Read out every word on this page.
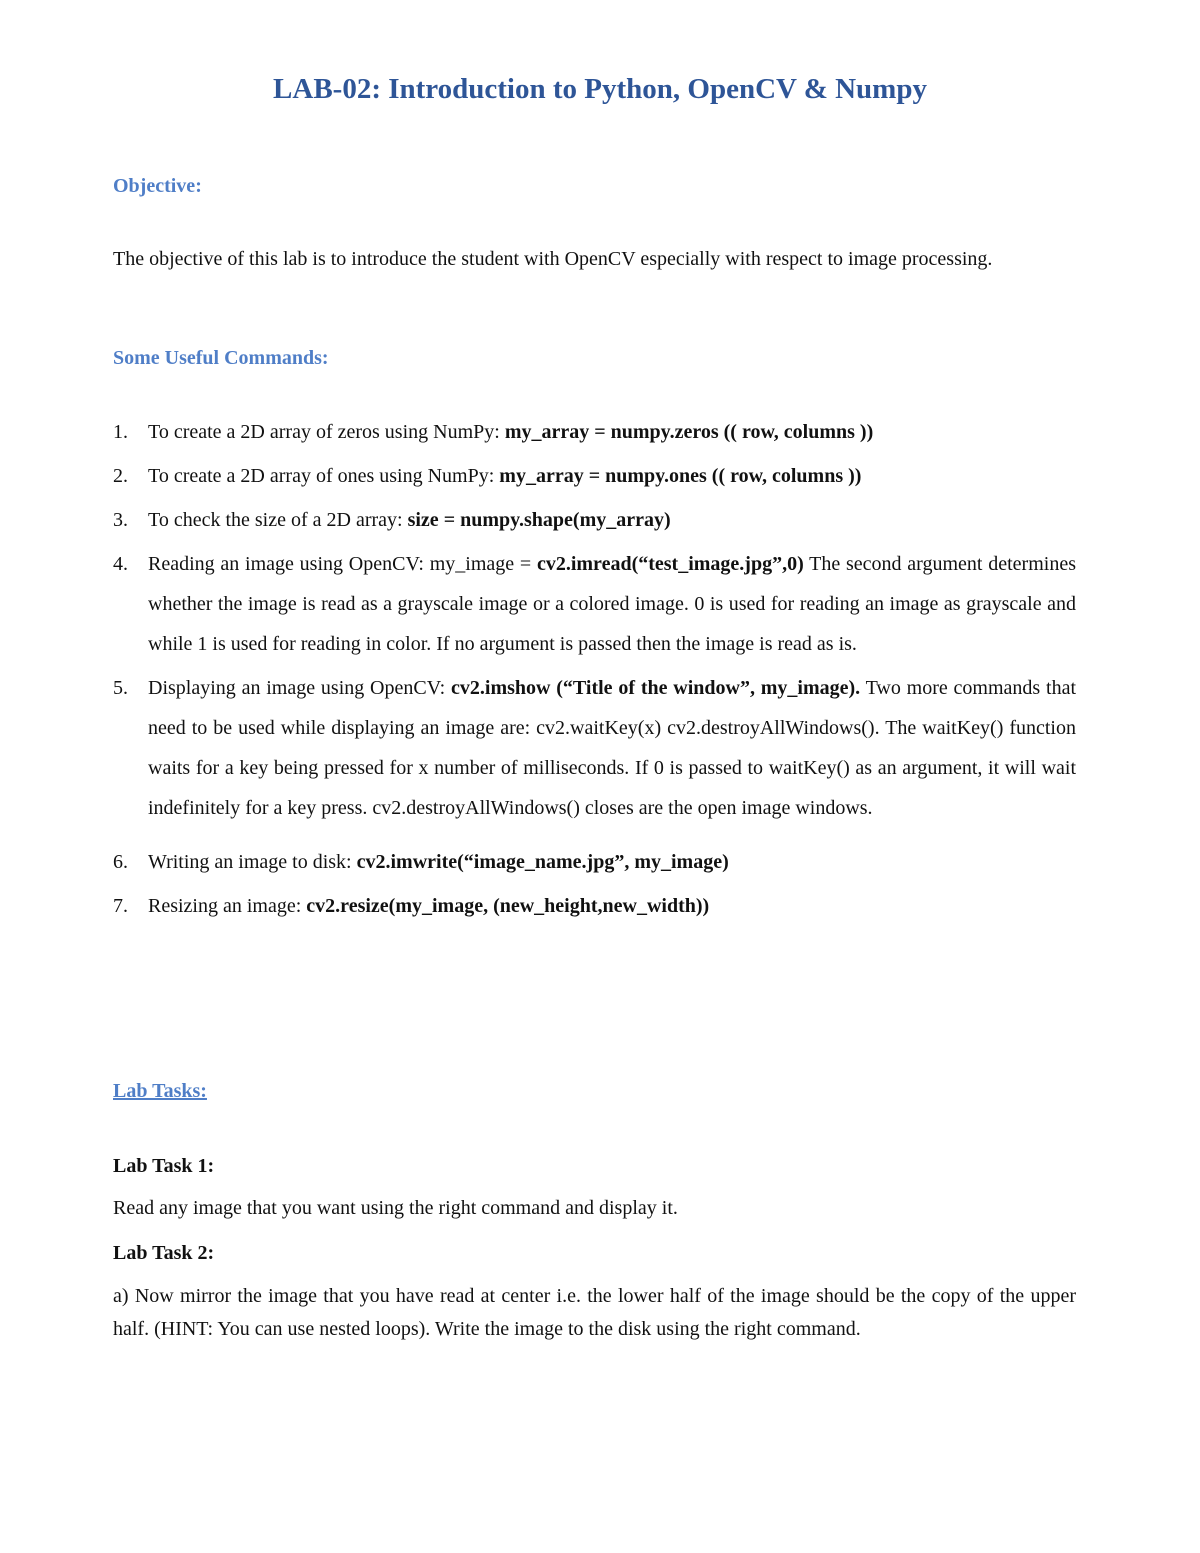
LAB-02: Introduction to Python, OpenCV & Numpy
Objective:
The objective of this lab is to introduce the student with OpenCV especially with respect to image processing.
Some Useful Commands:
1. To create a 2D array of zeros using NumPy: my_array = numpy.zeros (( row, columns ))
2. To create a 2D array of ones using NumPy: my_array = numpy.ones (( row, columns ))
3. To check the size of a 2D array: size = numpy.shape(my_array)
4. Reading an image using OpenCV: my_image = cv2.imread(“test_image.jpg”,0) The second argument determines whether the image is read as a grayscale image or a colored image. 0 is used for reading an image as grayscale and while 1 is used for reading in color. If no argument is passed then the image is read as is.
5. Displaying an image using OpenCV: cv2.imshow (“Title of the window”, my_image). Two more commands that need to be used while displaying an image are: cv2.waitKey(x) cv2.destroyAllWindows(). The waitKey() function waits for a key being pressed for x number of milliseconds. If 0 is passed to waitKey() as an argument, it will wait indefinitely for a key press. cv2.destroyAllWindows() closes are the open image windows.
6. Writing an image to disk: cv2.imwrite(“image_name.jpg”, my_image)
7. Resizing an image: cv2.resize(my_image, (new_height,new_width))
Lab Tasks:
Lab Task 1:
Read any image that you want using the right command and display it.
Lab Task 2:
a) Now mirror the image that you have read at center i.e. the lower half of the image should be the copy of the upper half. (HINT: You can use nested loops). Write the image to the disk using the right command.
